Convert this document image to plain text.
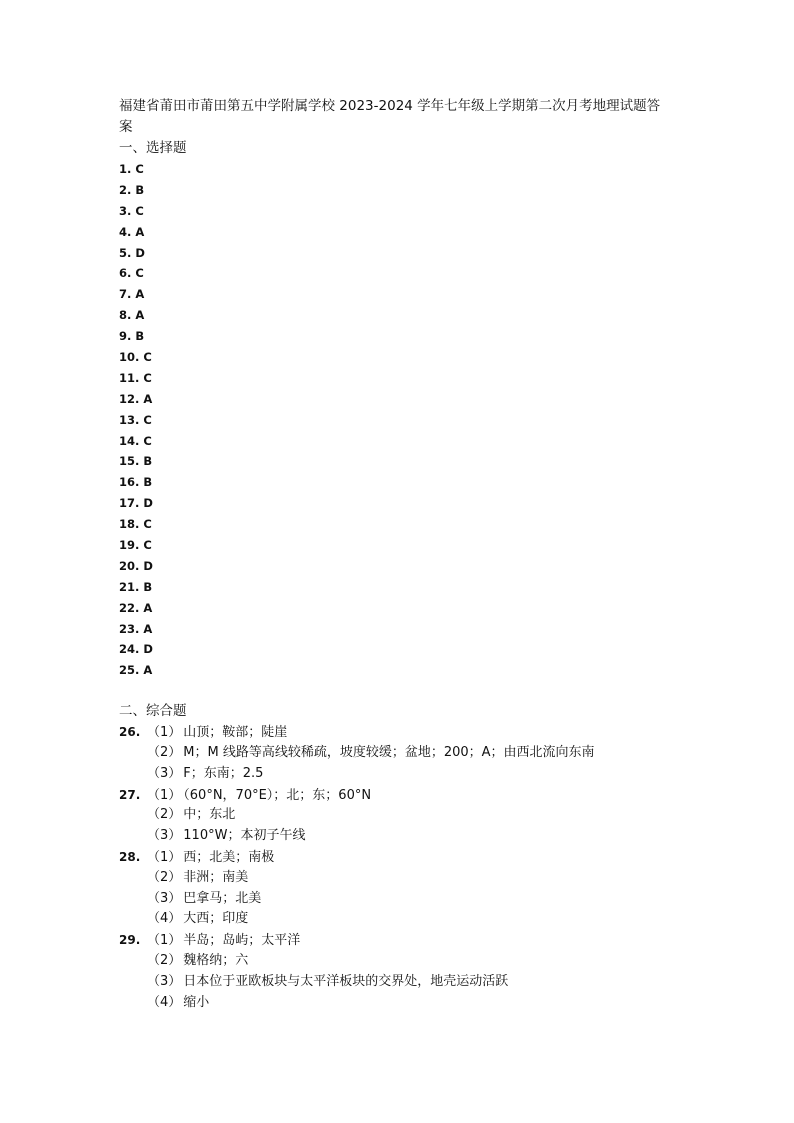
福建省莆田市莆田第五中学附属学校 2023-2024 学年七年级上学期第二次月考地理试题答
案

一、选择题

1 . C
2 . B
3 . C
4 . A
5 . D
6 . C
7 . A
8 . A
9 . B
10 . C
11 . C
12 . A
13 . C
14 . C
15 . B
16 . B
17 . D
18 . C
19 . C
20 . D
21 . B
22 . A
23 . A
24 . D
25 . A

二、综合题

26 . （1） 山顶；鞍部；陡崖
（2） M；M 线路等高线较稀疏，坡度较缓；盆地；200；A；由西北流向东南
（3） F；东南；2.5
27 . （1） （60°N，70°E）；北；东；60°N
（2） 中；东北
（3） 110°W；本初子午线
28 . （1） 西；北美；南极
（2） 非洲；南美
（3） 巴拿马；北美
（4） 大西；印度
29 . （1） 半岛；岛屿；太平洋
（2） 魏格纳；六
（3） 日本位于亚欧板块与太平洋板块的交界处，地壳运动活跃
（4） 缩小
